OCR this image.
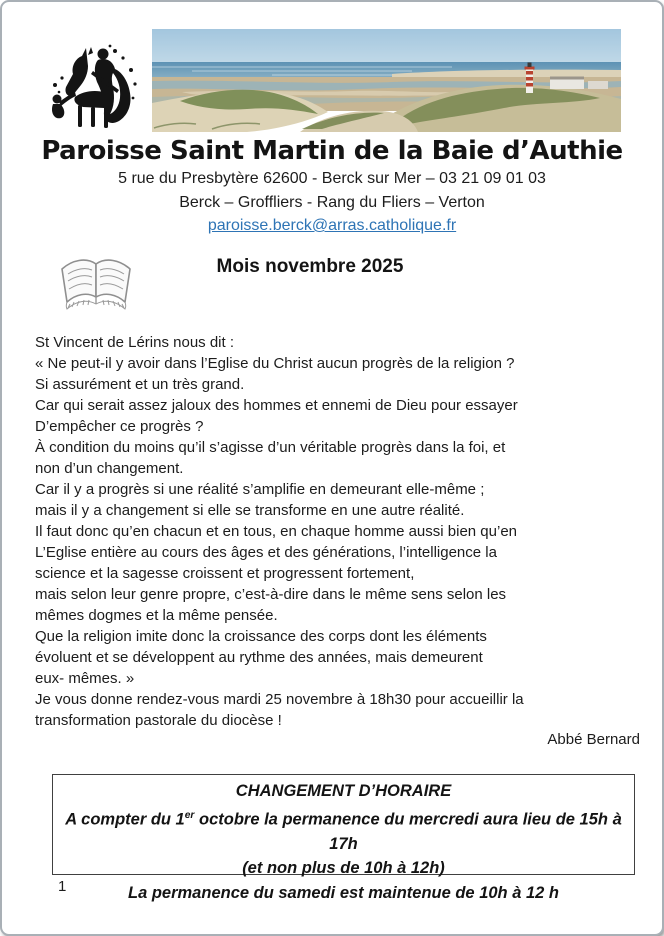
Paroisse Saint Martin de la Baie d’Authie
5 rue du Presbytère 62600 - Berck sur Mer – 03 21 09 01 03
Berck – Groffliers - Rang du Fliers – Verton
paroisse.berck@arras.catholique.fr
Mois novembre 2025
St Vincent de Lérins nous dit :
« Ne peut-il y avoir dans l’Eglise du Christ aucun progrès de la religion ?
Si assurément et un très grand.
Car qui serait assez jaloux des hommes et ennemi de Dieu pour essayer
D’empêcher ce progrès ?
À condition du moins qu’il s’agisse d’un véritable progrès dans la foi, et
non d’un changement.
Car il y a progrès si une réalité s’amplifie en demeurant elle-même ;
mais il y a changement si elle se transforme en une autre réalité.
Il faut donc qu’en chacun et en tous, en chaque homme aussi bien qu’en
L’Eglise entière au cours des âges et des générations, l’intelligence la
science et la sagesse croissent et progressent fortement,
mais selon leur genre propre, c’est-à-dire dans le même sens selon les
mêmes dogmes et la même pensée.
Que la religion imite donc la croissance des corps dont les éléments
évoluent et se développent au rythme des années, mais demeurent
eux- mêmes. »
Je vous donne rendez-vous mardi 25 novembre à 18h30 pour accueillir la
transformation pastorale du diocèse !
Abbé Bernard
CHANGEMENT D’HORAIRE
A compter du 1er octobre la permanence du mercredi aura lieu de 15h à 17h
(et non plus de 10h à 12h)
La permanence du samedi est maintenue de 10h à 12 h
1
